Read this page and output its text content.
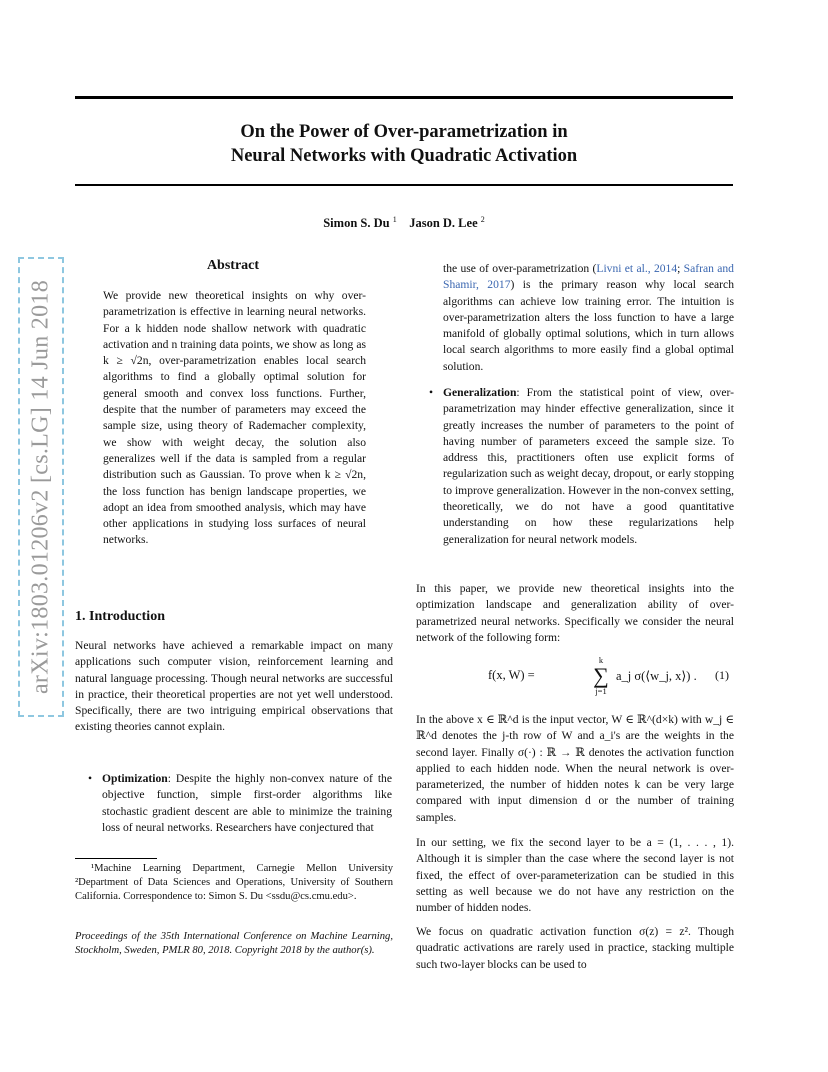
On the Power of Over-parametrization in
Neural Networks with Quadratic Activation
Simon S. Du $^1$ Jason D. Lee $^2$
arXiv:1803.01206v2 [cs.LG] 14 Jun 2018
Abstract

We provide new theoretical insights on why over-parametrization is effective in learning neural networks. For a k hidden node shallow network with quadratic activation and n training data points, we show as long as k ≥ √2n, over-parametrization enables local search algorithms to find a globally optimal solution for general smooth and convex loss functions. Further, despite that the number of parameters may exceed the sample size, using theory of Rademacher complexity, we show with weight decay, the solution also generalizes well if the data is sampled from a regular distribution such as Gaussian. To prove when k ≥ √2n, the loss function has benign landscape properties, we adopt an idea from smoothed analysis, which may have other applications in studying loss surfaces of neural networks.

1. Introduction

Neural networks have achieved a remarkable impact on many applications such computer vision, reinforcement learning and natural language processing. Though neural networks are successful in practice, their theoretical properties are not yet well understood. Specifically, there are two intriguing empirical observations that existing theories cannot explain.

• Optimization: Despite the highly non-convex nature of the objective function, simple first-order algorithms like stochastic gradient descent are able to minimize the training loss of neural networks. Researchers have conjectured that

¹Machine Learning Department, Carnegie Mellon University ²Department of Data Sciences and Operations, University of Southern California. Correspondence to: Simon S. Du <ssdu@cs.cmu.edu>.

Proceedings of the 35th International Conference on Machine Learning, Stockholm, Sweden, PMLR 80, 2018. Copyright 2018 by the author(s).

the use of over-parametrization (Livni et al., 2014; Safran and Shamir, 2017) is the primary reason why local search algorithms can achieve low training error. The intuition is over-parametrization alters the loss function to have a large manifold of globally optimal solutions, which in turn allows local search algorithms to more easily find a global optimal solution.

• Generalization: From the statistical point of view, over-parametrization may hinder effective generalization, since it greatly increases the number of parameters to the point of having number of parameters exceed the sample size. To address this, practitioners often use explicit forms of regularization such as weight decay, dropout, or early stopping to improve generalization. However in the non-convex setting, theoretically, we do not have a good quantitative understanding on how these regularizations help generalization for neural network models.

In this paper, we provide new theoretical insights into the optimization landscape and generalization ability of over-parametrized neural networks. Specifically we consider the neural network of the following form:

f(x, W) =
k
∑
j=1
a_j σ(⟨w_j, x⟩) . (1)

In the above x ∈ ℝ^d is the input vector, W ∈ ℝ^(d×k) with w_j ∈ ℝ^d denotes the j-th row of W and a_i's are the weights in the second layer. Finally σ(·) : ℝ → ℝ denotes the activation function applied to each hidden node. When the neural network is over-parameterized, the number of hidden notes k can be very large compared with input dimension d or the number of training samples.

In our setting, we fix the second layer to be a = (1, . . . , 1). Although it is simpler than the case where the second layer is not fixed, the effect of over-parameterization can be studied in this setting as well because we do not have any restriction on the number of hidden nodes.

We focus on quadratic activation function σ(z) = z². Though quadratic activations are rarely used in practice, stacking multiple such two-layer blocks can be used to
